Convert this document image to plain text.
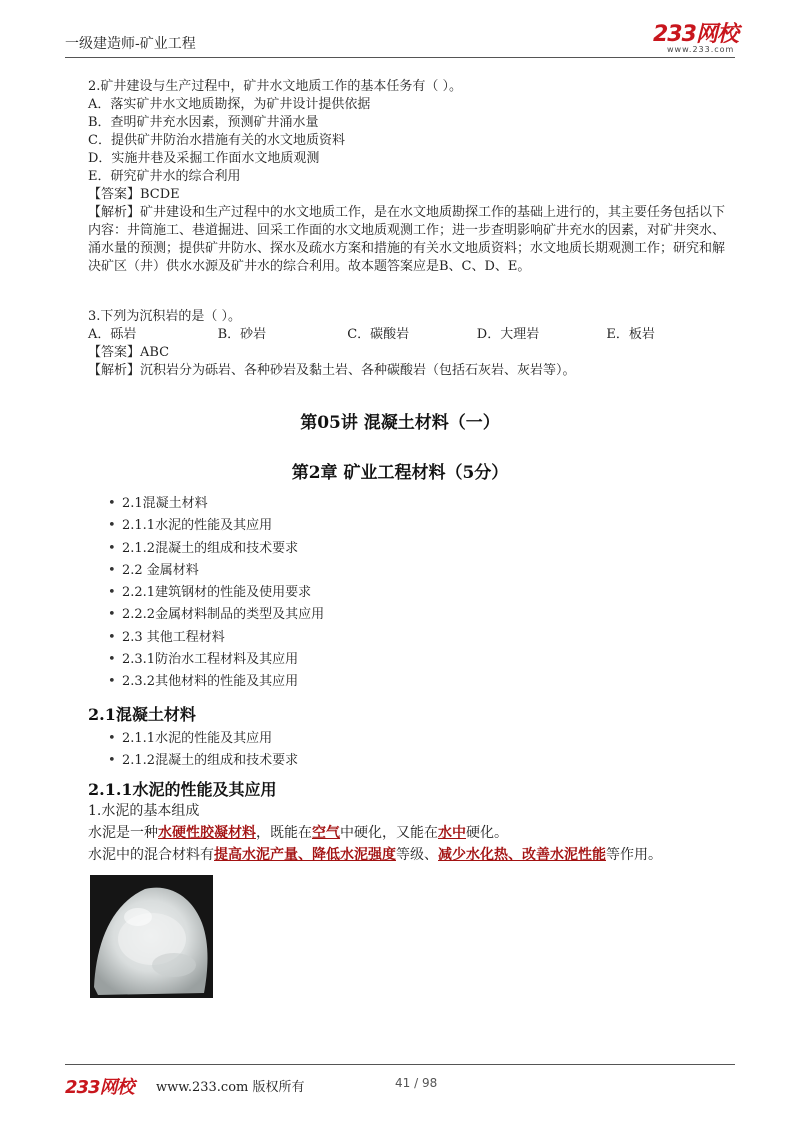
一级建造师-矿业工程	233网校
www.233.com

2.矿井建设与生产过程中，矿井水文地质工作的基本任务有（ ）。

A．落实矿井水文地质勘探，为矿井设计提供依据

B．查明矿井充水因素，预测矿井涌水量

C．提供矿井防治水措施有关的水文地质资料

D．实施井巷及采掘工作面水文地质观测

E．研究矿井水的综合利用

【答案】BCDE

【解析】矿井建设和生产过程中的水文地质工作，是在水文地质勘探工作的基础上进行的，其主要任务包括以下内容：井筒施工、巷道掘进、回采工作面的水文地质观测工作；进一步查明影响矿井充水的因素，对矿井突水、涌水量的预测；提供矿井防水、探水及疏水方案和措施的有关水文地质资料；水文地质长期观测工作；研究和解决矿区（井）供水水源及矿井水的综合利用。故本题答案应是B、C、D、E。

3.下列为沉积岩的是（ ）。

A．砾岩	B．砂岩	C．碳酸岩	D．大理岩	E．板岩

【答案】ABC

【解析】沉积岩分为砾岩、各种砂岩及黏土岩、各种碳酸岩（包括石灰岩、灰岩等）。

第05讲 混凝土材料（一）
第2章 矿业工程材料（5分）
• 2.1混凝土材料
• 2.1.1水泥的性能及其应用
• 2.1.2混凝土的组成和技术要求
• 2.2 金属材料
• 2.2.1建筑钢材的性能及使用要求
• 2.2.2金属材料制品的类型及其应用
• 2.3 其他工程材料
• 2.3.1防治水工程材料及其应用
• 2.3.2其他材料的性能及其应用
2.1混凝土材料
• 2.1.1水泥的性能及其应用
• 2.1.2混凝土的组成和技术要求
2.1.1水泥的性能及其应用

1.水泥的基本组成

水泥是一种水硬性胶凝材料，既能在空气中硬化，又能在水中硬化。

水泥中的混合材料有提高水泥产量、降低水泥强度等级、减少水化热、改善水泥性能等作用。

233网校 www.233.com 版权所有	41 / 98
